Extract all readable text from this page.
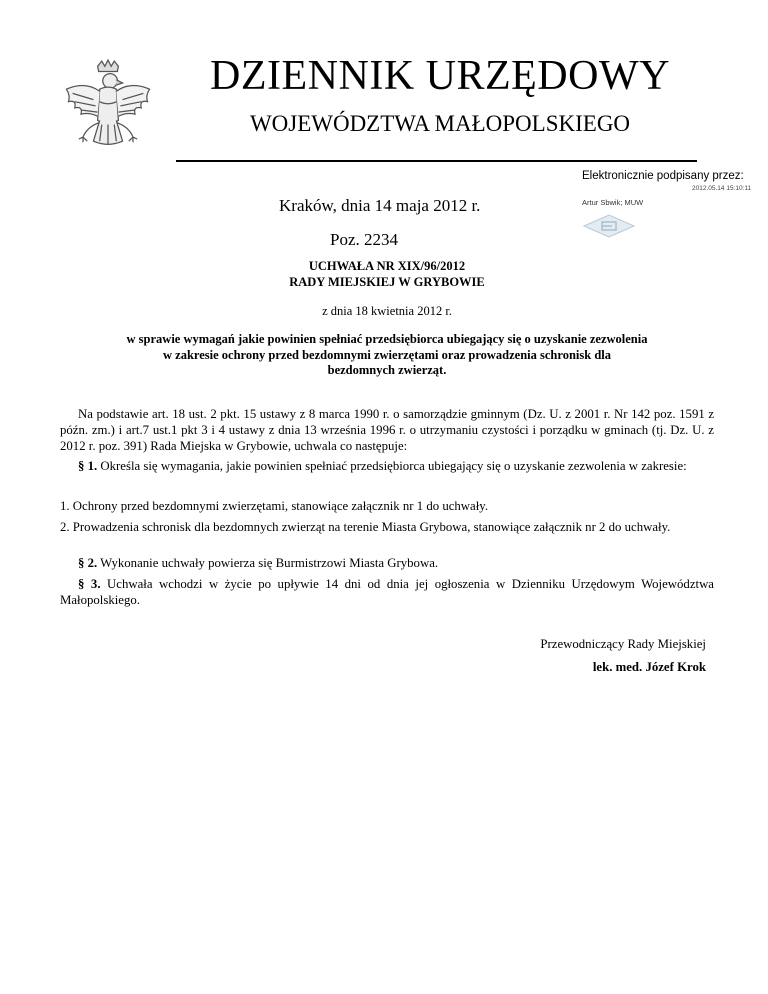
DZIENNIK URZĘDOWY
WOJEWÓDZTWA MAŁOPOLSKIEGO
Elektronicznie podpisany przez:
2012.05.14 15:10:11
Artur Sbwik; MUW
Kraków, dnia 14 maja 2012 r.
Poz. 2234
UCHWAŁA NR XIX/96/2012
RADY MIEJSKIEJ W GRYBOWIE
z dnia 18 kwietnia 2012 r.
w sprawie wymagań jakie powinien spełniać przedsiębiorca ubiegający się o uzyskanie zezwolenia
w zakresie ochrony przed bezdomnymi zwierzętami oraz prowadzenia schronisk dla
bezdomnych zwierząt.
Na podstawie art. 18 ust. 2 pkt. 15 ustawy z 8 marca 1990 r. o samorządzie gminnym (Dz. U. z 2001 r. Nr 142 poz. 1591 z późn. zm.) i art.7 ust.1 pkt 3 i 4 ustawy z dnia 13 września 1996 r. o utrzymaniu czystości i porządku w gminach (tj. Dz. U. z 2012 r. poz. 391) Rada Miejska w Grybowie, uchwala co następuje:
§ 1. Określa się wymagania, jakie powinien spełniać przedsiębiorca ubiegający się o uzyskanie zezwolenia w zakresie:
1. Ochrony przed bezdomnymi zwierzętami, stanowiące załącznik nr 1 do uchwały.
2. Prowadzenia schronisk dla bezdomnych zwierząt na terenie Miasta Grybowa, stanowiące załącznik nr 2 do uchwały.
§ 2. Wykonanie uchwały powierza się Burmistrzowi Miasta Grybowa.
§ 3. Uchwała wchodzi w życie po upływie 14 dni od dnia jej ogłoszenia w Dzienniku Urzędowym Województwa Małopolskiego.
Przewodniczący Rady Miejskiej
lek. med. Józef Krok
